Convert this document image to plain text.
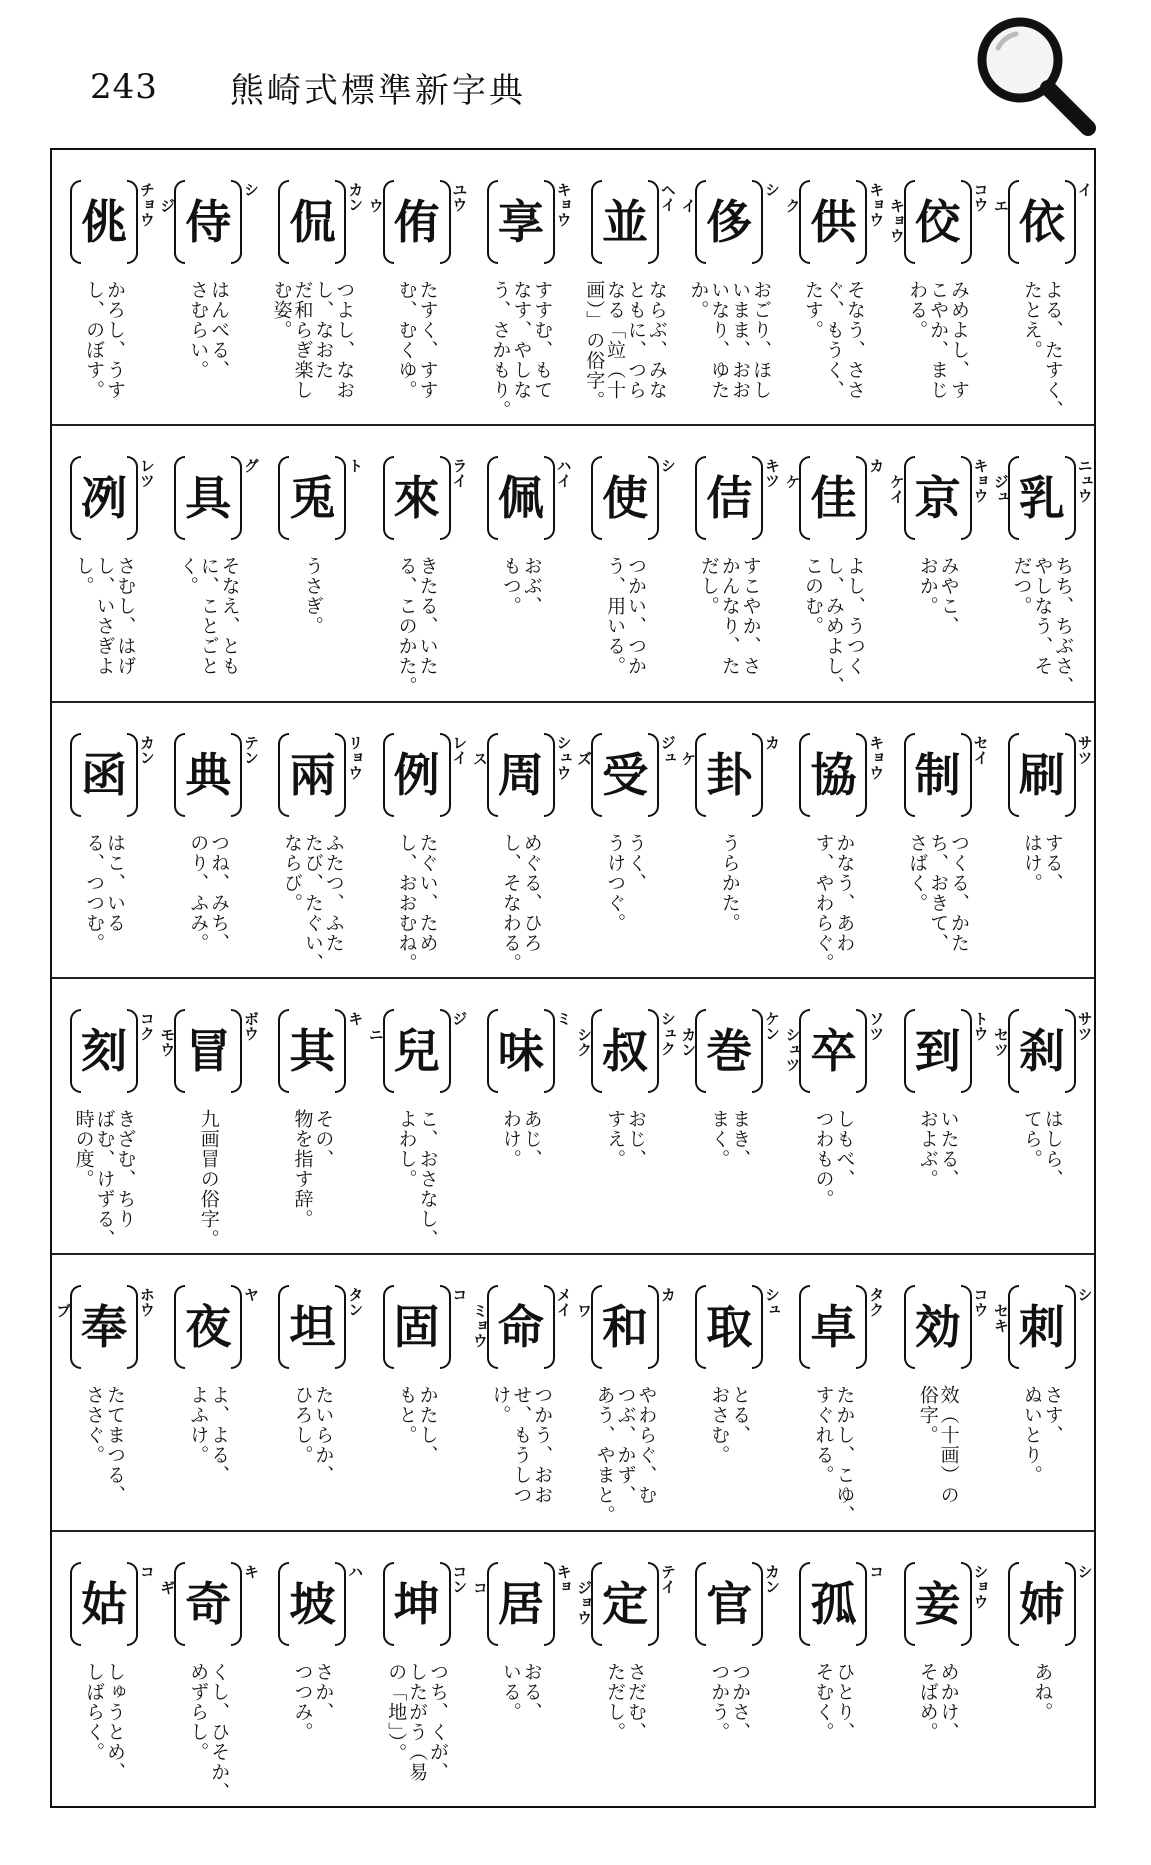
243 熊崎式標準新字典
依
イ
エ
よる、たすく、
たとえ。
佼 コウ
キョウ
みめよし、す
こやか、まじ
わる。
供 キョウ
ク
そなう、ささ
ぐ、もうく、
たす。
侈
シ
イ
おごり、ほし
いまま、おお
いなり、ゆた
か。
並 ヘイ
ならぶ、みな
ともに、つら
なる「竝（十
画）」の俗字。
享 キョウ
すすむ、もて
なす、やしな
う、さかもり。
侑 ユウ
ウ
たすく、すす
む、むくゆ。
侃 カン
つよし、なお
し、なおた
だ和らぎ楽し
む姿。
侍
シ
ジ
はんべる、
さむらい。
佻 チョウ
かろし、うす
し、のぼす。
乳 ニュウ
ジュ
ちち、ちぶさ、
やしなう、そ
だつ。
京 キョウ
ケイ
みやこ、
おか。
佳
カ
ケ
よし、うつく
し、みめよし、
このむ。
佶 キツ
すこやか、さ
かんなり、た
だし。
使
シ
つかい、つか
う、用いる。
佩 ハイ
おぶ、
もつ。
來 ライ
きたる、いた
る、このかた。
兎
ト
うさぎ。
具
グ
そなえ、とも
に、ことごと
く。
冽 レツ
さむし、はげ
し、いさぎよ
し。
刷 サツ
する、
はけ。
制 セイ
つくる、かた
ち、おきて、
さばく。
協 キョウ
かなう、あわ
す、やわらぐ。
卦
カ
ケ
うらかた。
受 ジュ
ズ
うく、
うけつぐ。
周 シュウ
ス
めぐる、ひろ
し、そなわる。
例 レイ
たぐい、ため
し、おおむね。
兩 リョウ
ふたつ、ふた
たび、たぐい、
ならび。
典 テン
つね、みち、
のり、ふみ。
函 カン
はこ、いる
る、つつむ。
刹 サツ
セツ
はしら、
てら。
到 トウ
いたる、
およぶ。
卒 ソツ
シュツ
しもべ、
つわもの。
巻 ケン
カン
まき、
まく。
叔 シュク
シク
おじ、
すえ。
味
ミ
あじ、
わけ。
兒
ジ
ニ
こ、おさなし、
よわし。
其
キ
その、
物を指す辞。
冒 ボウ
モウ
九画冒の俗字。
刻 コク
きざむ、ちり
ばむ、けずる、
時の度。
刺
シ
セキ
さす、
ぬいとり。
効 コウ
效（十画）の
俗字。
卓 タク
たかし、こゆ、
すぐれる。
取 シュ
とる、
おさむ。
和
カ
ワ
やわらぐ、む
つぶ、かず、
あう、やまと。
命 メイ
ミョウ
つかう、おお
せ、もうしつ
け。
固
コ
かたし、
もと。
坦 タン
たいらか、
ひろし。
夜
ヤ
よ、よる、
よふけ。
奉 ホウ
ブ
たてまつる、
ささぐ。
姉
シ
あね。
妾 ショウ
めかけ、
そばめ。
孤
コ
ひとり、
そむく。
官 カン
つかさ、
つかう。
定 テイ
ジョウ
さだむ、
ただし。
居 キョ
コ
おる、
いる。
坤 コン
つち、くが、
したがう（易
の「地」）。
坡
ハ
さか、
つつみ。
奇
キ
ギ
くし、ひそか、
めずらし。
姑
コ
しゅうとめ、
しばらく。
